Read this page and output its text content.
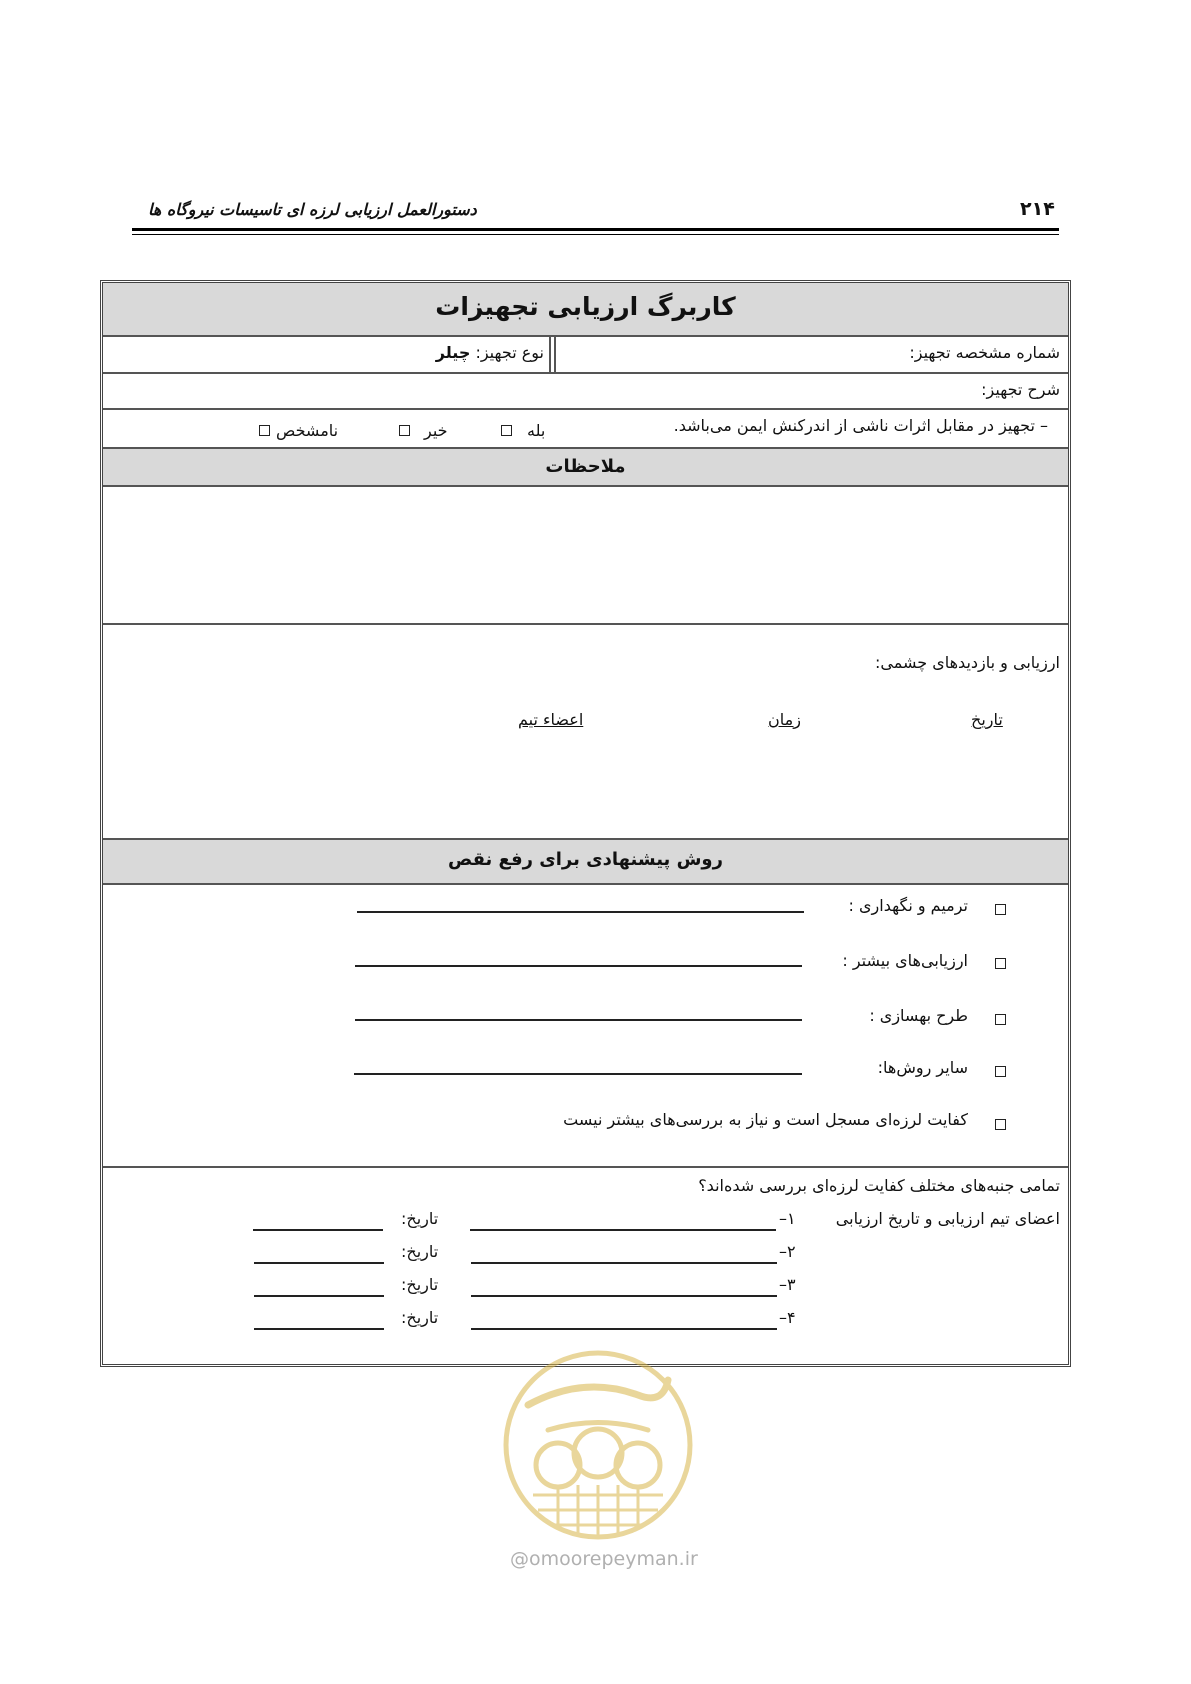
۲۱۴
دستورالعمل ارزیابی لرزه ای تاسیسات نیروگاه ها
کاربرگ ارزیابی تجهیزات
شماره مشخصه تجهیز:
نوع تجهیز: چیلر
شرح تجهیز:
– تجهیز در مقابل اثرات ناشی از اندرکنش ایمن می‌باشد.
بله
خیر
نامشخص
ملاحظات
ارزیابی و بازدیدهای چشمی:
تاریخ
زمان
اعضاء تیم
روش پیشنهادی برای رفع نقص
ترمیم و نگهداری :
ارزیابی‌های بیشتر :
طرح بهسازی :
سایر روش‌ها:
کفایت لرزه‌ای مسجل است و نیاز به بررسی‌های بیشتر نیست
تمامی جنبه‌های مختلف کفایت لرزه‌ای بررسی شده‌اند؟
اعضای تیم ارزیابی و تاریخ ارزیابی
۱–
تاریخ:
۲–
تاریخ:
۳–
تاریخ:
۴–
تاریخ:
@omoorepeyman.ir
